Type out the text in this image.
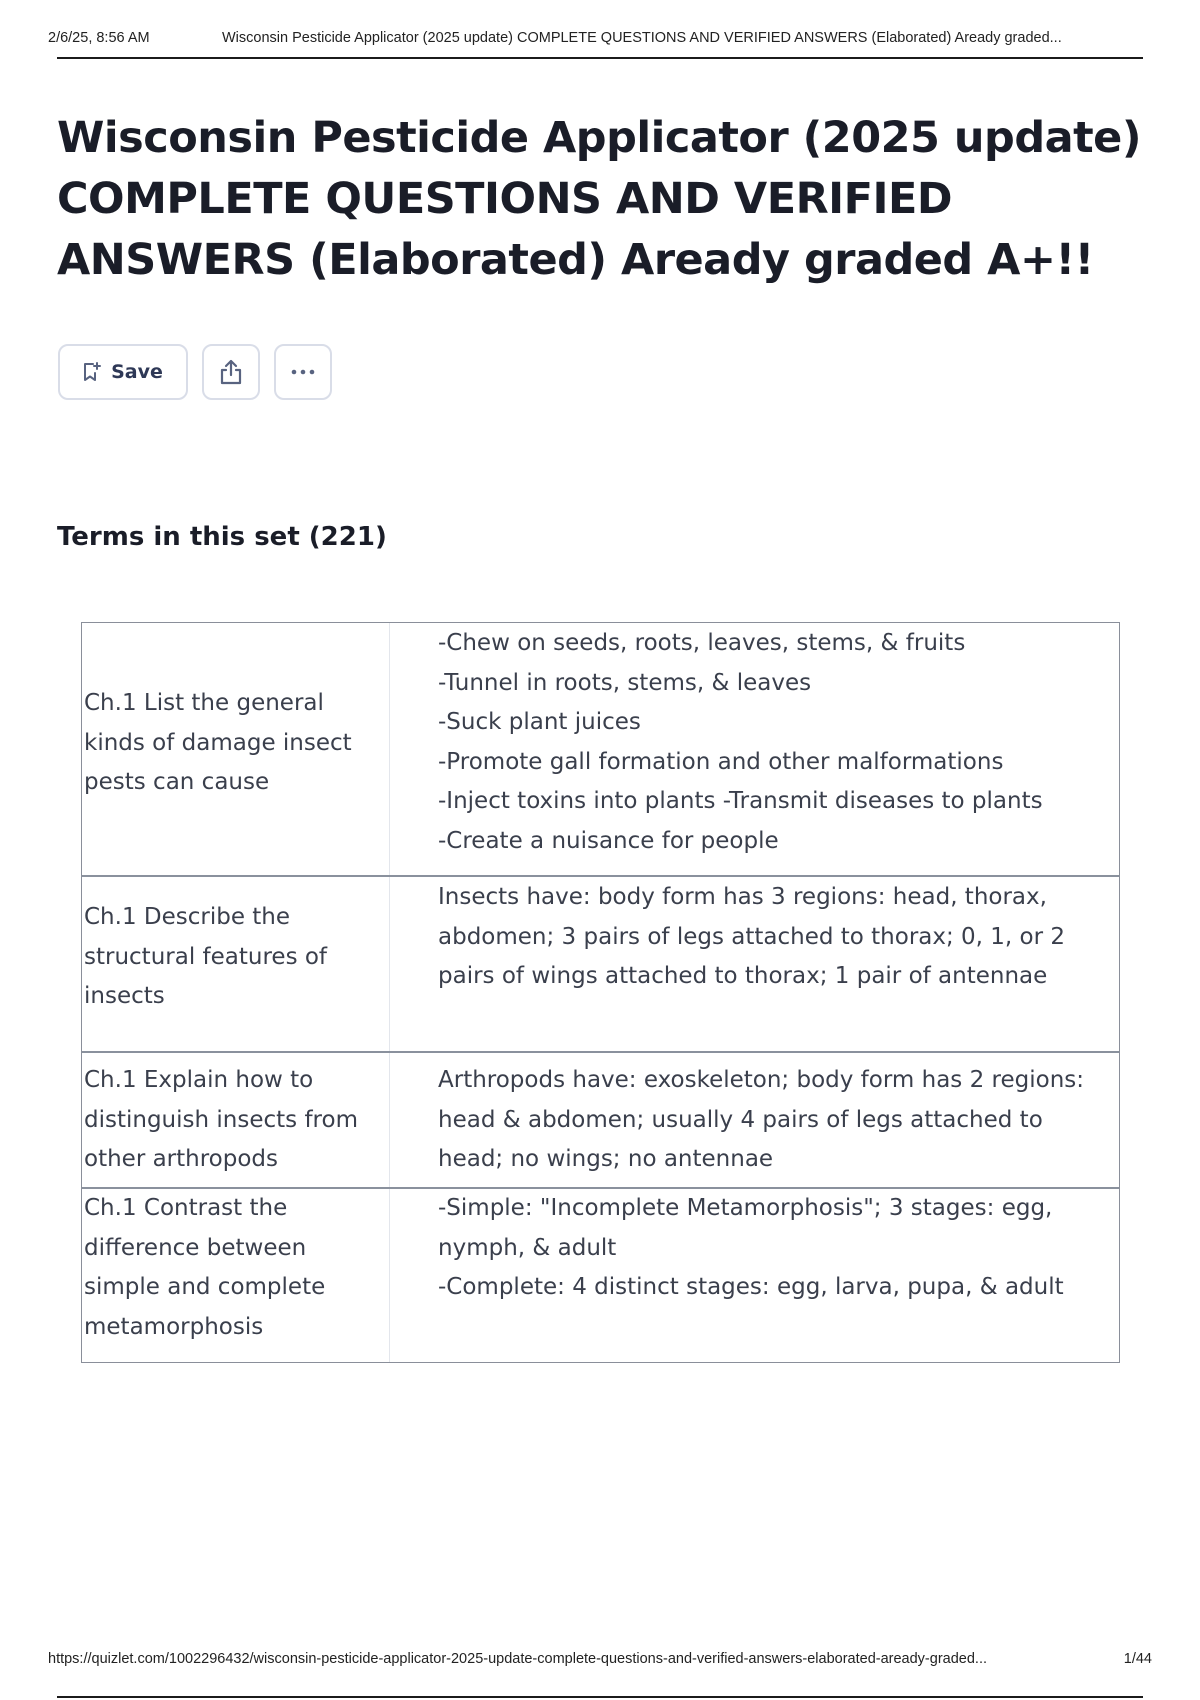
2/6/25, 8:56 AM	Wisconsin Pesticide Applicator (2025 update) COMPLETE QUESTIONS AND VERIFIED ANSWERS (Elaborated) Aready graded...
Wisconsin Pesticide Applicator (2025 update) COMPLETE QUESTIONS AND VERIFIED ANSWERS (Elaborated) Aready graded A+!!
Save
Terms in this set (221)
Ch.1 List the general kinds of damage insect pests can cause
-Chew on seeds, roots, leaves, stems, & fruits
-Tunnel in roots, stems, & leaves
-Suck plant juices
-Promote gall formation and other malformations
-Inject toxins into plants -Transmit diseases to plants
-Create a nuisance for people
Ch.1 Describe the structural features of insects
Insects have: body form has 3 regions: head, thorax, abdomen; 3 pairs of legs attached to thorax; 0, 1, or 2 pairs of wings attached to thorax; 1 pair of antennae
Ch.1 Explain how to distinguish insects from other arthropods
Arthropods have: exoskeleton; body form has 2 regions: head & abdomen; usually 4 pairs of legs attached to head; no wings; no antennae
Ch.1 Contrast the difference between simple and complete metamorphosis
-Simple: "Incomplete Metamorphosis"; 3 stages: egg, nymph, & adult
-Complete: 4 distinct stages: egg, larva, pupa, & adult
https://quizlet.com/1002296432/wisconsin-pesticide-applicator-2025-update-complete-questions-and-verified-answers-elaborated-aready-graded...	1/44
